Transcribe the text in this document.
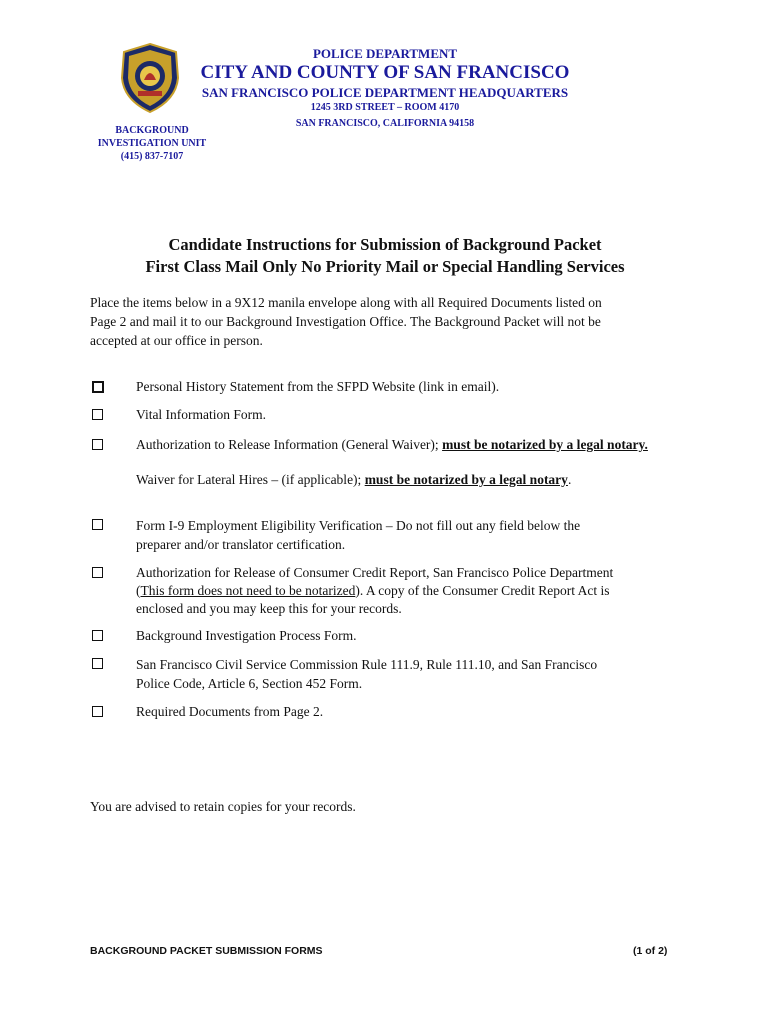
POLICE DEPARTMENT
CITY AND COUNTY OF SAN FRANCISCO
SAN FRANCISCO POLICE DEPARTMENT HEADQUARTERS
1245 3RD STREET – ROOM 4170
SAN FRANCISCO, CALIFORNIA 94158
BACKGROUND
INVESTIGATION UNIT
(415) 837-7107
Candidate Instructions for Submission of Background Packet
First Class Mail Only No Priority Mail or Special Handling Services
Place the items below in a 9X12 manila envelope along with all Required Documents listed on
Page 2 and mail it to our Background Investigation Office. The Background Packet will not be
accepted at our office in person.
Personal History Statement from the SFPD Website (link in email).
Vital Information Form.
Authorization to Release Information (General Waiver); must be notarized by a legal notary.
Waiver for Lateral Hires – (if applicable); must be notarized by a legal notary.
Form I-9 Employment Eligibility Verification – Do not fill out any field below the
preparer and/or translator certification.
Authorization for Release of Consumer Credit Report, San Francisco Police Department
(This form does not need to be notarized). A copy of the Consumer Credit Report Act is
enclosed and you may keep this for your records.
Background Investigation Process Form.
San Francisco Civil Service Commission Rule 111.9, Rule 111.10, and San Francisco
Police Code, Article 6, Section 452 Form.
Required Documents from Page 2.
You are advised to retain copies for your records.
BACKGROUND PACKET SUBMISSION FORMS	(1 of 2)
